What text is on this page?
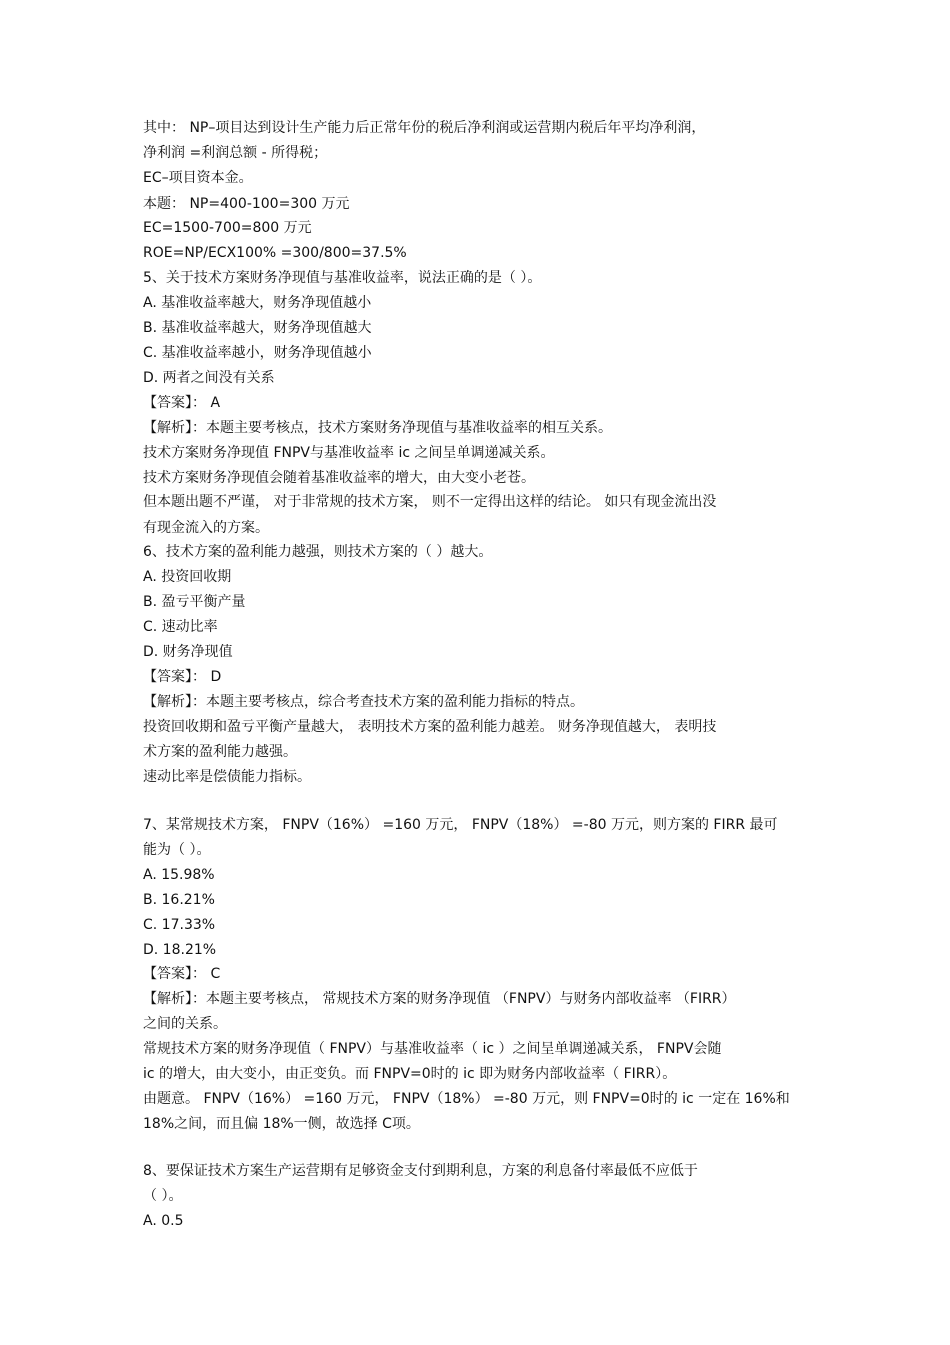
其中： NP–项目达到设计生产能力后正常年份的税后净利润或运营期内税后年平均净利润，
净利润 =利润总额 - 所得税；
EC–项目资本金。
本题： NP=400-100=300 万元
EC=1500-700=800 万元
ROE=NP/ECX100% =300/800=37.5%
5、关于技术方案财务净现值与基准收益率，说法正确的是（ ）。
A. 基准收益率越大，财务净现值越小
B. 基准收益率越大，财务净现值越大
C. 基准收益率越小，财务净现值越小
D. 两者之间没有关系
【答案】： A
【解析】：本题主要考核点，技术方案财务净现值与基准收益率的相互关系。
技术方案财务净现值 FNPV与基准收益率 ic 之间呈单调递减关系。
技术方案财务净现值会随着基准收益率的增大，由大变小老苍。
但本题出题不严谨， 对于非常规的技术方案， 则不一定得出这样的结论。 如只有现金流出没
有现金流入的方案。
6、技术方案的盈利能力越强，则技术方案的（ ）越大。
A. 投资回收期
B. 盈亏平衡产量
C. 速动比率
D. 财务净现值
【答案】： D
【解析】：本题主要考核点，综合考查技术方案的盈利能力指标的特点。
投资回收期和盈亏平衡产量越大， 表明技术方案的盈利能力越差。 财务净现值越大， 表明技
术方案的盈利能力越强。
速动比率是偿债能力指标。
7、某常规技术方案， FNPV（16%） =160 万元， FNPV（18%） =-80 万元，则方案的 FIRR 最可
能为（ ）。
A. 15.98%
B. 16.21%
C. 17.33%
D. 18.21%
【答案】： C
【解析】：本题主要考核点， 常规技术方案的财务净现值 （FNPV）与财务内部收益率 （FIRR）
之间的关系。
常规技术方案的财务净现值（ FNPV）与基准收益率（ ic ）之间呈单调递减关系， FNPV会随
ic 的增大，由大变小，由正变负。而 FNPV=0时的 ic 即为财务内部收益率（ FIRR）。
由题意。 FNPV（16%） =160 万元， FNPV（18%） =-80 万元，则 FNPV=0时的 ic 一定在 16%和
18%之间，而且偏 18%一侧，故选择 C项。
8、要保证技术方案生产运营期有足够资金支付到期利息，方案的利息备付率最低不应低于
（ ）。
A. 0.5
